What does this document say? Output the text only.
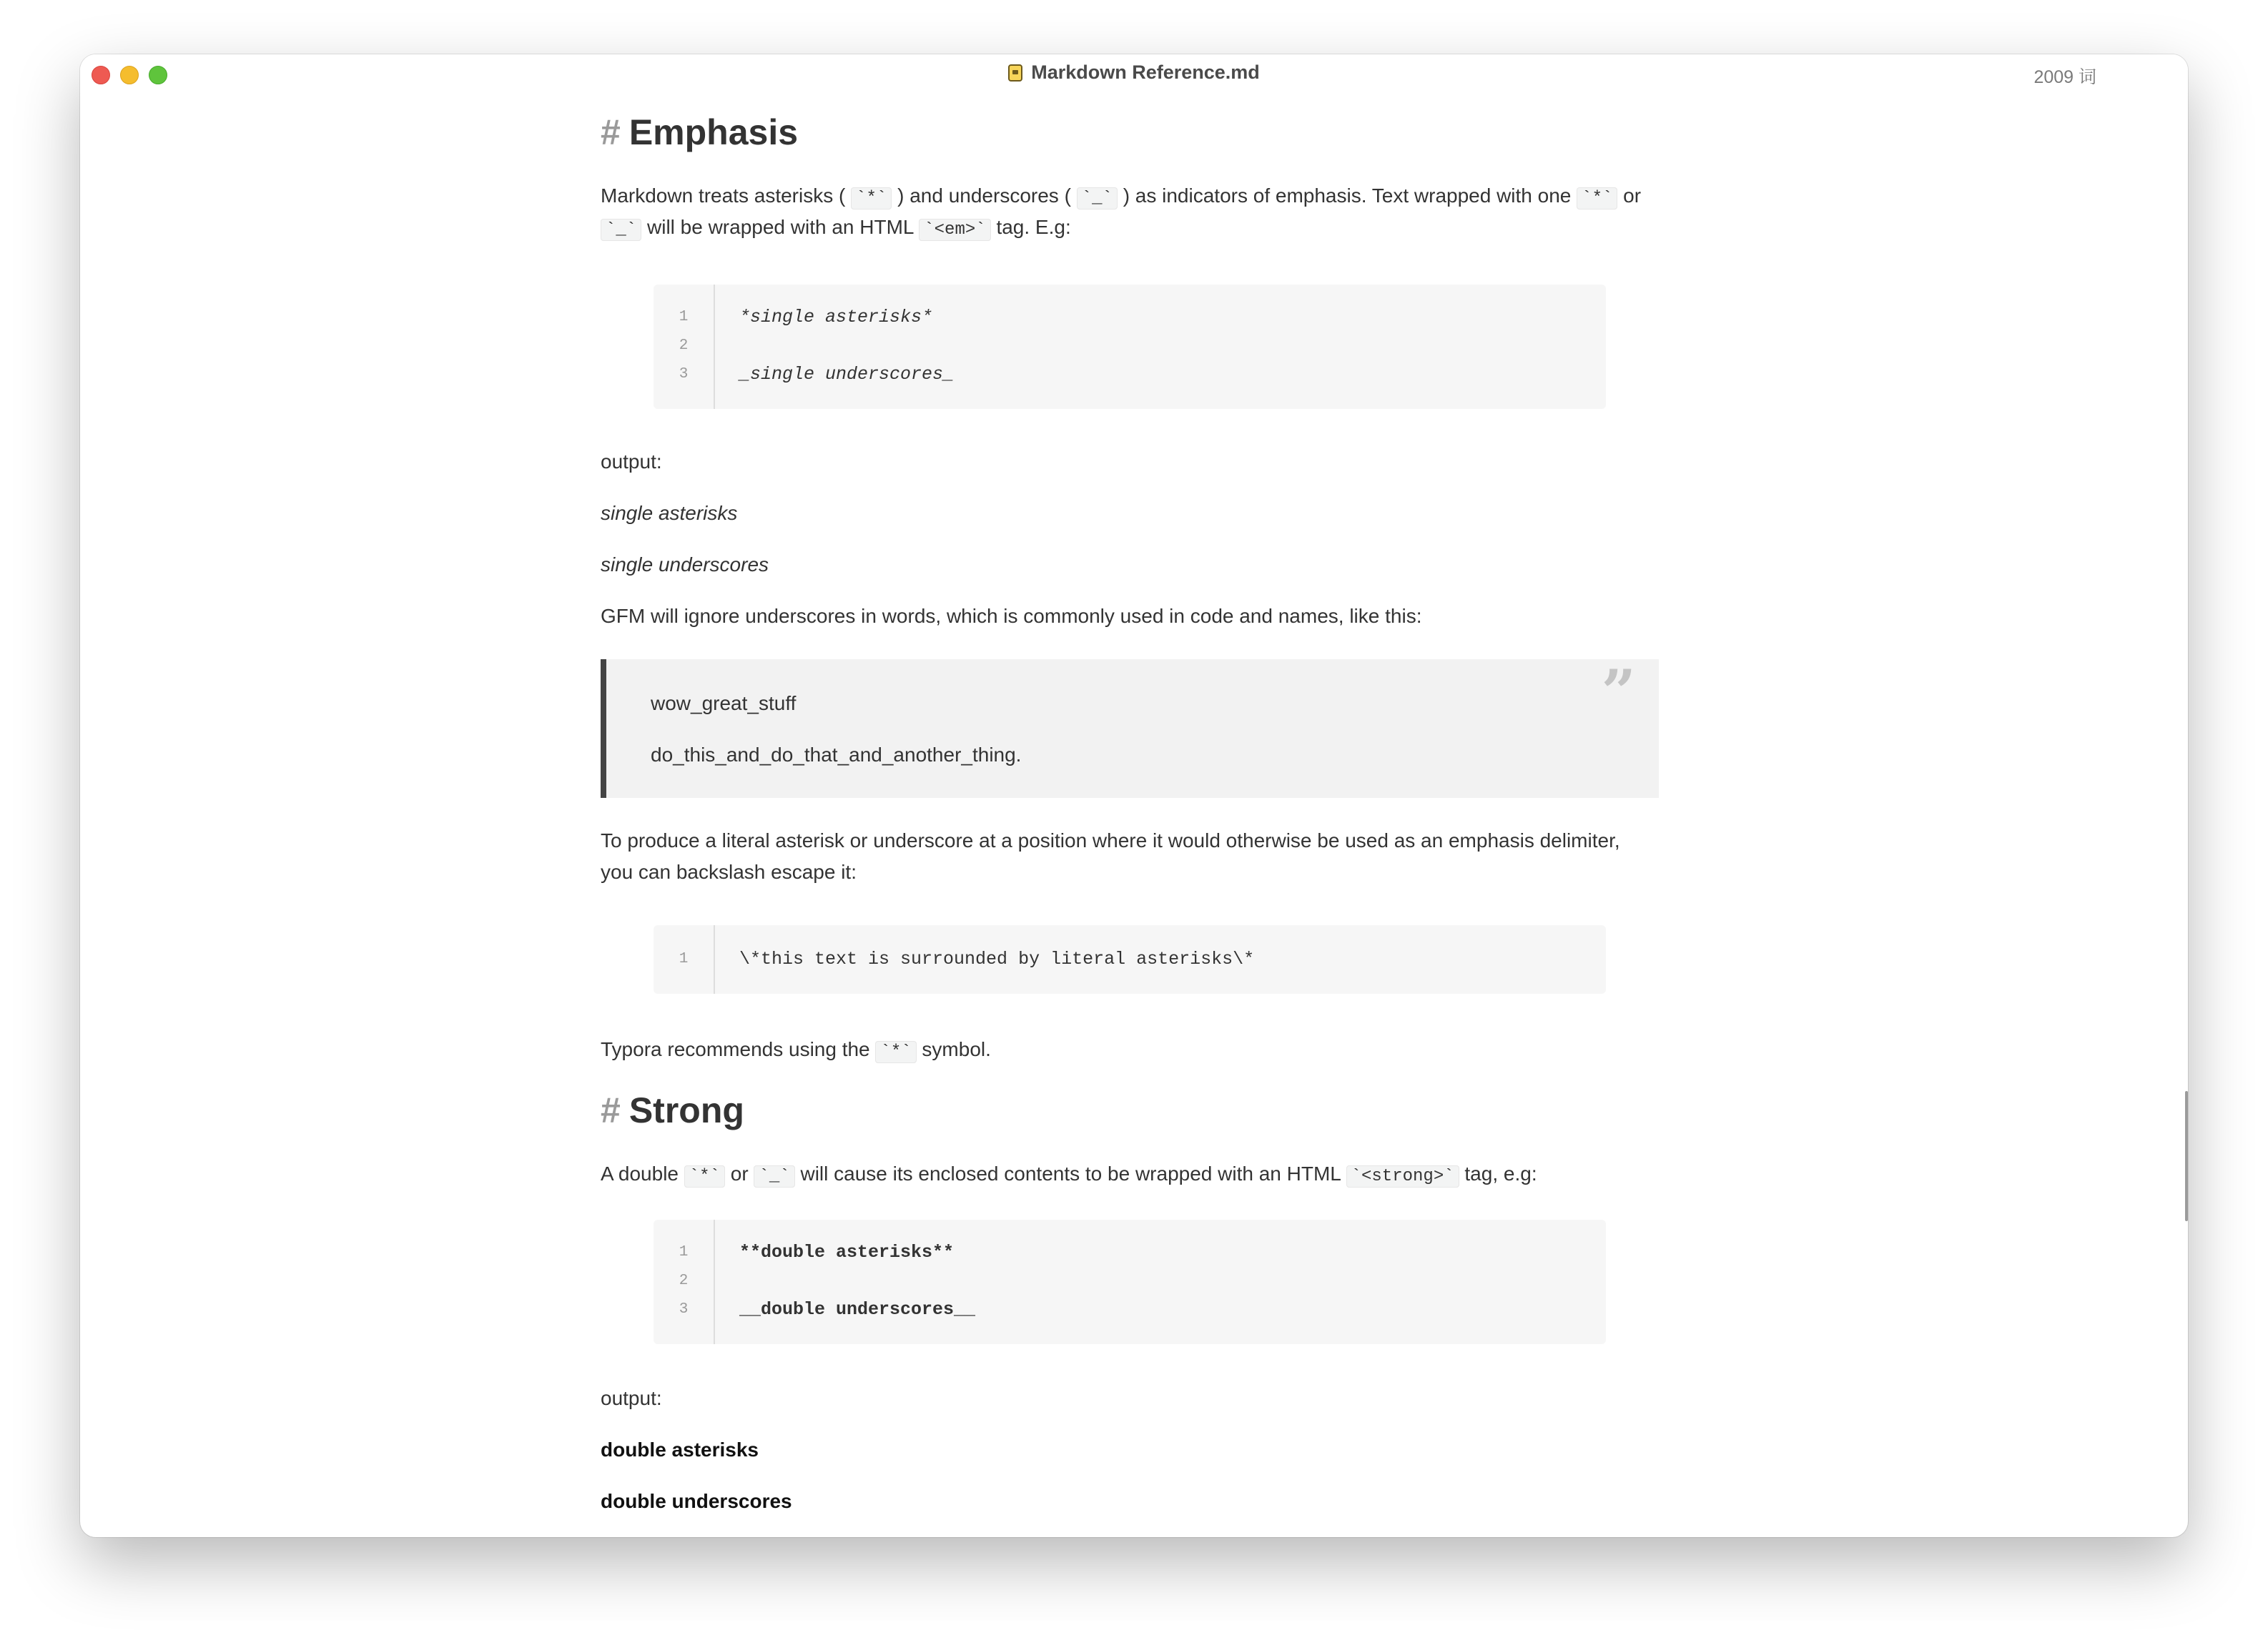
Markdown Reference.md	2009 词
# Emphasis
Markdown treats asterisks ( `*` ) and underscores ( `_` ) as indicators of emphasis. Text wrapped with one `*` or
`_` will be wrapped with an HTML `<em>` tag. E.g:
1	*single asterisks*
2
3	_single underscores_
output:
single asterisks
single underscores
GFM will ignore underscores in words, which is commonly used in code and names, like this:
”
wow_great_stuff
do_this_and_do_that_and_another_thing.
To produce a literal asterisk or underscore at a position where it would otherwise be used as an emphasis delimiter,
you can backslash escape it:
1	\*this text is surrounded by literal asterisks\*
Typora recommends using the `*` symbol.
# Strong
A double `*` or `_` will cause its enclosed contents to be wrapped with an HTML `<strong>` tag, e.g:
1	**double asterisks**
2
3	__double underscores__
output:
double asterisks
double underscores
